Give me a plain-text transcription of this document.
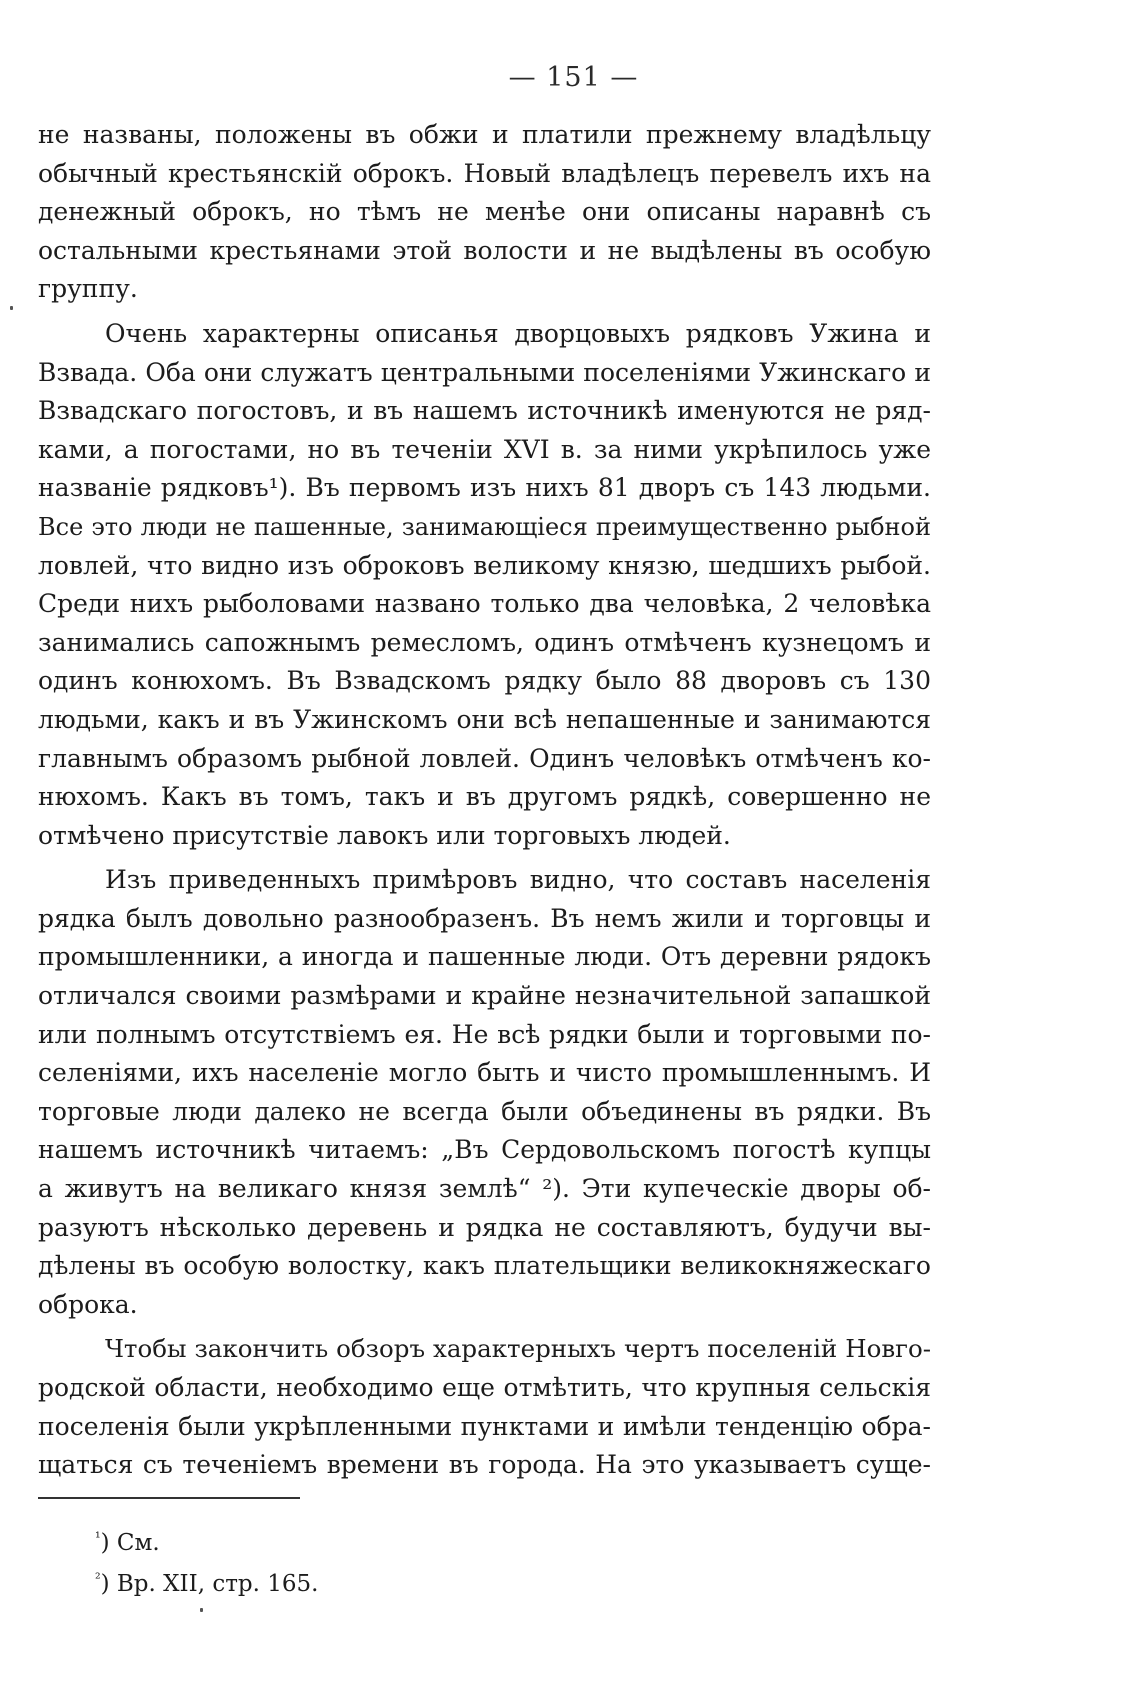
— 151 —
не названы, положены въ обжи и платили прежнему владѣльцу
обычный крестьянскій оброкъ. Новый владѣлецъ перевелъ ихъ на
денежный оброкъ, но тѣмъ не менѣе они описаны наравнѣ съ
остальными крестьянами этой волости и не выдѣлены въ особую
группу.
Очень характерны описанья дворцовыхъ рядковъ Ужина и
Взвада. Оба они служатъ центральными поселеніями Ужинскаго и
Взвадскаго погостовъ, и въ нашемъ источникѣ именуются не ряд-
ками, а погостами, но въ теченіи XVI в. за ними укрѣпилось уже
названіе рядковъ¹). Въ первомъ изъ нихъ 81 дворъ съ 143 людьми.
Все это люди не пашенные, занимающіеся преимущественно рыбной
ловлей, что видно изъ оброковъ великому князю, шедшихъ рыбой.
Среди нихъ рыболовами названо только два человѣка, 2 человѣка
занимались сапожнымъ ремесломъ, одинъ отмѣченъ кузнецомъ и
одинъ конюхомъ. Въ Взвадскомъ рядку было 88 дворовъ съ 130
людьми, какъ и въ Ужинскомъ они всѣ непашенные и занимаются
главнымъ образомъ рыбной ловлей. Одинъ человѣкъ отмѣченъ ко-
нюхомъ. Какъ въ томъ, такъ и въ другомъ рядкѣ, совершенно не
отмѣчено присутствіе лавокъ или торговыхъ людей.
Изъ приведенныхъ примѣровъ видно, что составъ населенія
рядка былъ довольно разнообразенъ. Въ немъ жили и торговцы и
промышленники, а иногда и пашенные люди. Отъ деревни рядокъ
отличался своими размѣрами и крайне незначительной запашкой
или полнымъ отсутствіемъ ея. Не всѣ рядки были и торговыми по-
селеніями, ихъ населеніе могло быть и чисто промышленнымъ. И
торговые люди далеко не всегда были объединены въ рядки. Въ
нашемъ источникѣ читаемъ: „Въ Сердовольскомъ погостѣ купцы
а живутъ на великаго князя землѣ“ ²). Эти купеческіе дворы об-
разуютъ нѣсколько деревень и рядка не составляютъ, будучи вы-
дѣлены въ особую волостку, какъ плательщики великокняжескаго
оброка.
Чтобы закончить обзоръ характерныхъ чертъ поселеній Новго-
родской области, необходимо еще отмѣтить, что крупныя сельскія
поселенія были укрѣпленными пунктами и имѣли тенденцію обра-
щаться съ теченіемъ времени въ города. На это указываетъ суще-
$^{^1}$) См.
$^{^2}$) Вр. XII, стр. 165.
